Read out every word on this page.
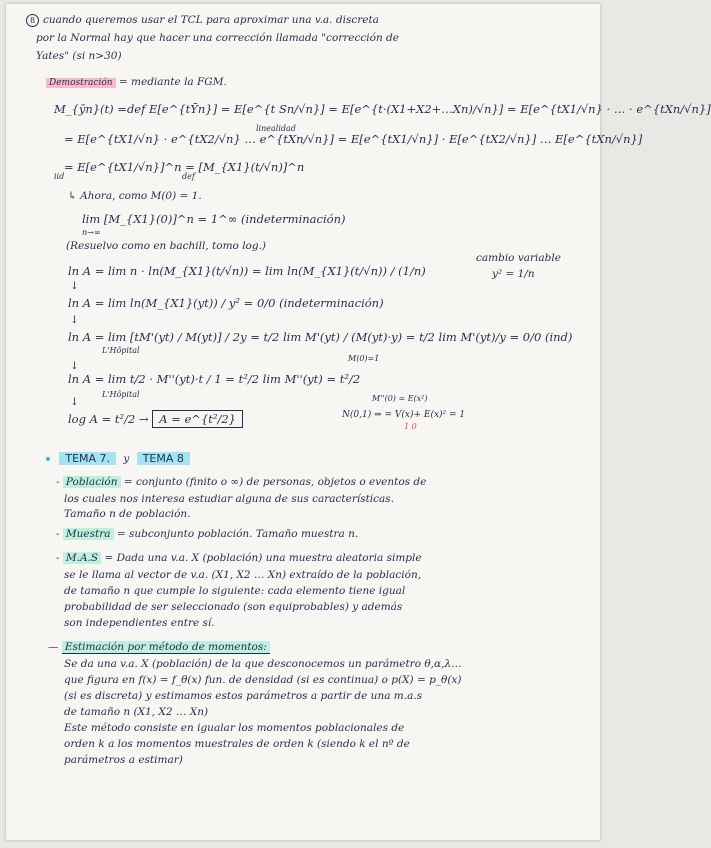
8 cuando queremos usar el TCL para aproximar una v.a. discreta
por la Normal hay que hacer una corrección llamada "corrección de
Yates" (si n>30)
Demostración = mediante la FGM.
M_{ȳn}(t) =def E[e^{tȲn}] = E[e^{t Sn/√n}] = E[e^{t·(X1+X2+…Xn)/√n}] = E[e^{tX1/√n} · … · e^{tXn/√n}]
= E[e^{tX1/√n} · e^{tX2/√n} … e^{tXn/√n}] = E[e^{tX1/√n}] · E[e^{tX2/√n}] … E[e^{tXn/√n}]
linealidad
= E[e^{tX1/√n}]^n = [M_{X1}(t/√n)]^n
iid	def
↳ Ahora, como M(0) = 1.
lim [M_{X1}(0)]^n = 1^∞ (indeterminación)
n→∞
(Resuelvo como en bachill, tomo log.)
ln A = lim n · ln(M_{X1}(t/√n)) = lim ln(M_{X1}(t/√n)) / (1/n)
cambio variable
y² = 1/n
↓
ln A = lim ln(M_{X1}(yt)) / y² = 0/0 (indeterminación)
↓
ln A = lim [tM'(yt) / M(yt)] / 2y = t/2 lim M'(yt) / (M(yt)·y) = t/2 lim M'(yt)/y = 0/0 (ind)
L'Hôpital
M(0)=1
↓
ln A = lim t/2 · M''(yt)·t / 1 = t²/2 lim M''(yt) = t²/2
L'Hôpital	M''(0) = E(x²)
↓
log A = t²/2 → A = e^{t²/2}	N(0,1) ⇒ = V(x)+ E(x)² = 1
1 0
TEMA 7. y TEMA 8
- Población = conjunto (finito o ∞) de personas, objetos o eventos de
los cuales nos interesa estudiar alguna de sus características.
Tamaño n de población.
- Muestra = subconjunto población. Tamaño muestra n.
- M.A.S = Dada una v.a. X (población) una muestra aleatoria simple
se le llama al vector de v.a. (X1, X2 … Xn) extraído de la población,
de tamaño n que cumple lo siguiente: cada elemento tiene igual
probabilidad de ser seleccionado (son equiprobables) y además
son independientes entre sí.
— Estimación por método de momentos:
Se da una v.a. X (población) de la que desconocemos un parámetro θ,α,λ…
que figura en f(x) = f_θ(x) fun. de densidad (si es continua) o p(X) = p_θ(x)
(si es discreta) y estimamos estos parámetros a partir de una m.a.s
de tamaño n (X1, X2 … Xn)
Este método consiste en igualar los momentos poblacionales de
orden k a los momentos muestrales de orden k (siendo k el nº de
parámetros a estimar)
